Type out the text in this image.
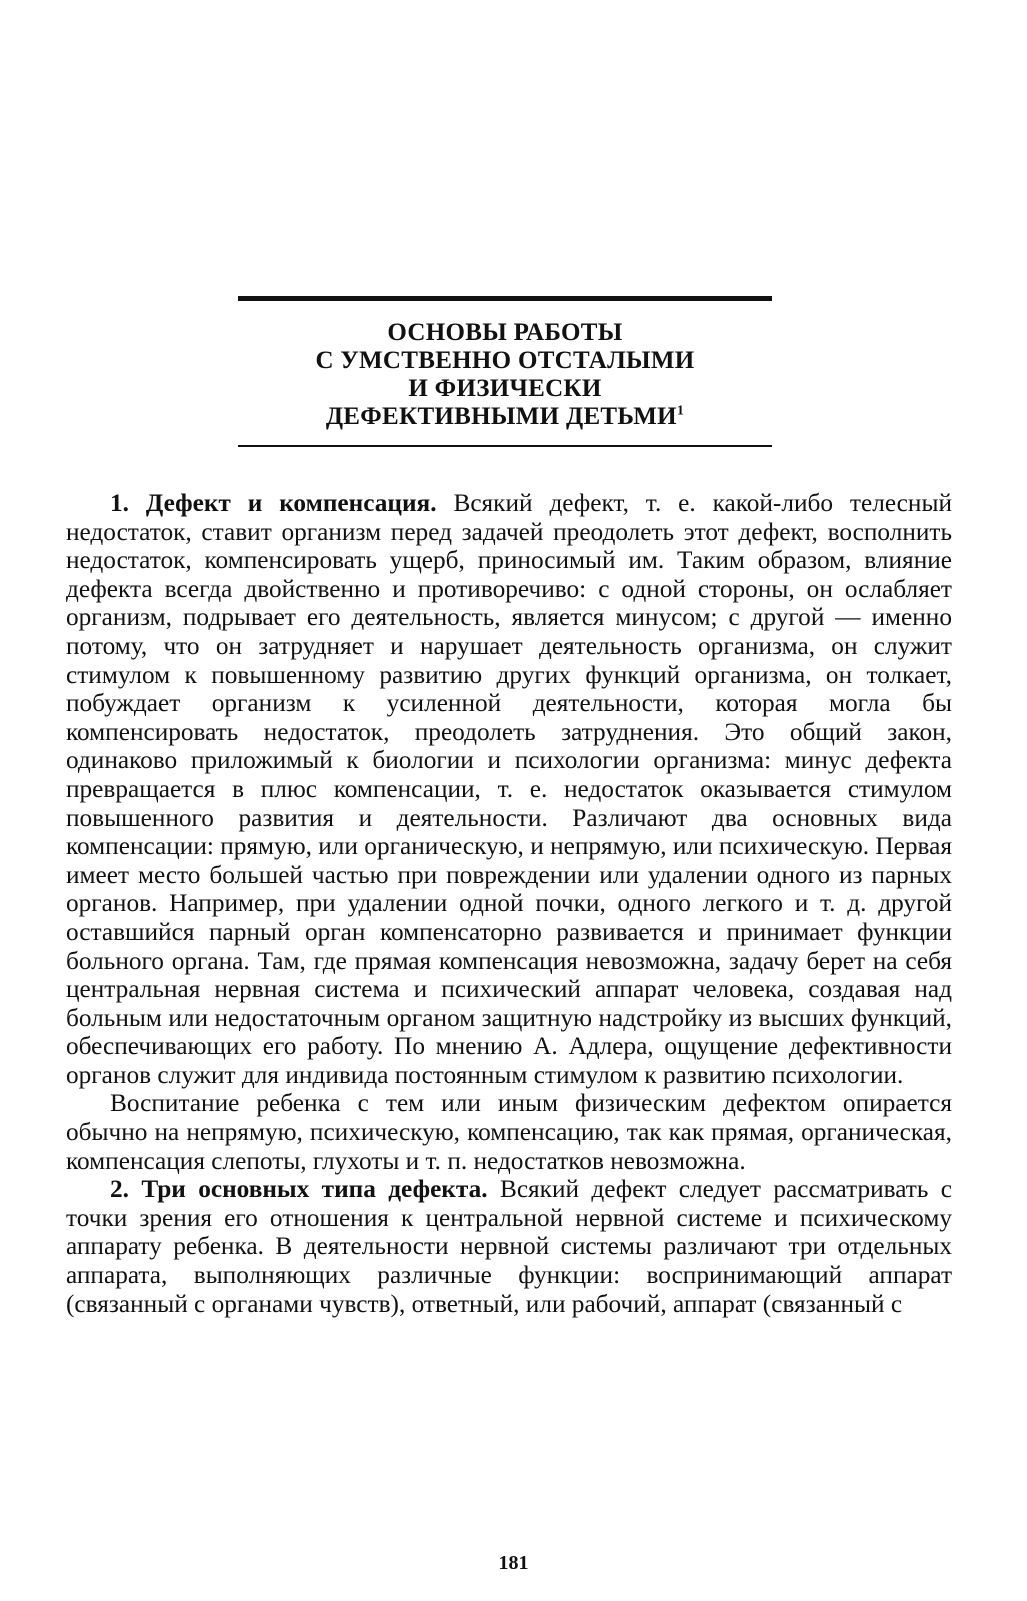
ОСНОВЫ РАБОТЫ
С УМСТВЕННО ОТСТАЛЫМИ
И ФИЗИЧЕСКИ
ДЕФЕКТИВНЫМИ ДЕТЬМИ$^1$

1. Дефект и компенсация. Всякий дефект, т. е. какой-либо телесный недостаток, ставит организм перед задачей преодолеть этот дефект, восполнить недостаток, компенсировать ущерб, приносимый им. Таким образом, влияние дефекта всегда двойственно и противоречиво: с одной стороны, он ослабляет организм, подрывает его деятельность, является минусом; с другой — именно потому, что он затрудняет и нарушает деятельность организма, он служит стимулом к повышенному развитию других функций организма, он толкает, побуждает организм к усиленной деятельности, которая могла бы компенсировать недостаток, преодолеть затруднения. Это общий закон, одинаково приложимый к биологии и психологии организма: минус дефекта превращается в плюс компенсации, т. е. недостаток оказывается стимулом повышенного развития и деятельности. Различают два основных вида компенсации: прямую, или органическую, и непрямую, или психическую. Первая имеет место большей частью при повреждении или удалении одного из парных органов. Например, при удалении одной почки, одного легкого и т. д. другой оставшийся парный орган компенсаторно развивается и принимает функции больного органа. Там, где прямая компенсация невозможна, задачу берет на себя центральная нервная система и психический аппарат человека, создавая над больным или недостаточным органом защитную надстройку из высших функций, обеспечивающих его работу. По мнению А. Адлера, ощущение дефективности органов служит для индивида постоянным стимулом к развитию психологии.

Воспитание ребенка с тем или иным физическим дефектом опирается обычно на непрямую, психическую, компенсацию, так как прямая, органическая, компенсация слепоты, глухоты и т. п. недостатков невозможна.

2. Три основных типа дефекта. Всякий дефект следует рассматривать с точки зрения его отношения к центральной нервной системе и психическому аппарату ребенка. В деятельности нервной системы различают три отдельных аппарата, выполняющих различные функции: воспринимающий аппарат (связанный с органами чувств), ответный, или рабочий, аппарат (связанный с

181
